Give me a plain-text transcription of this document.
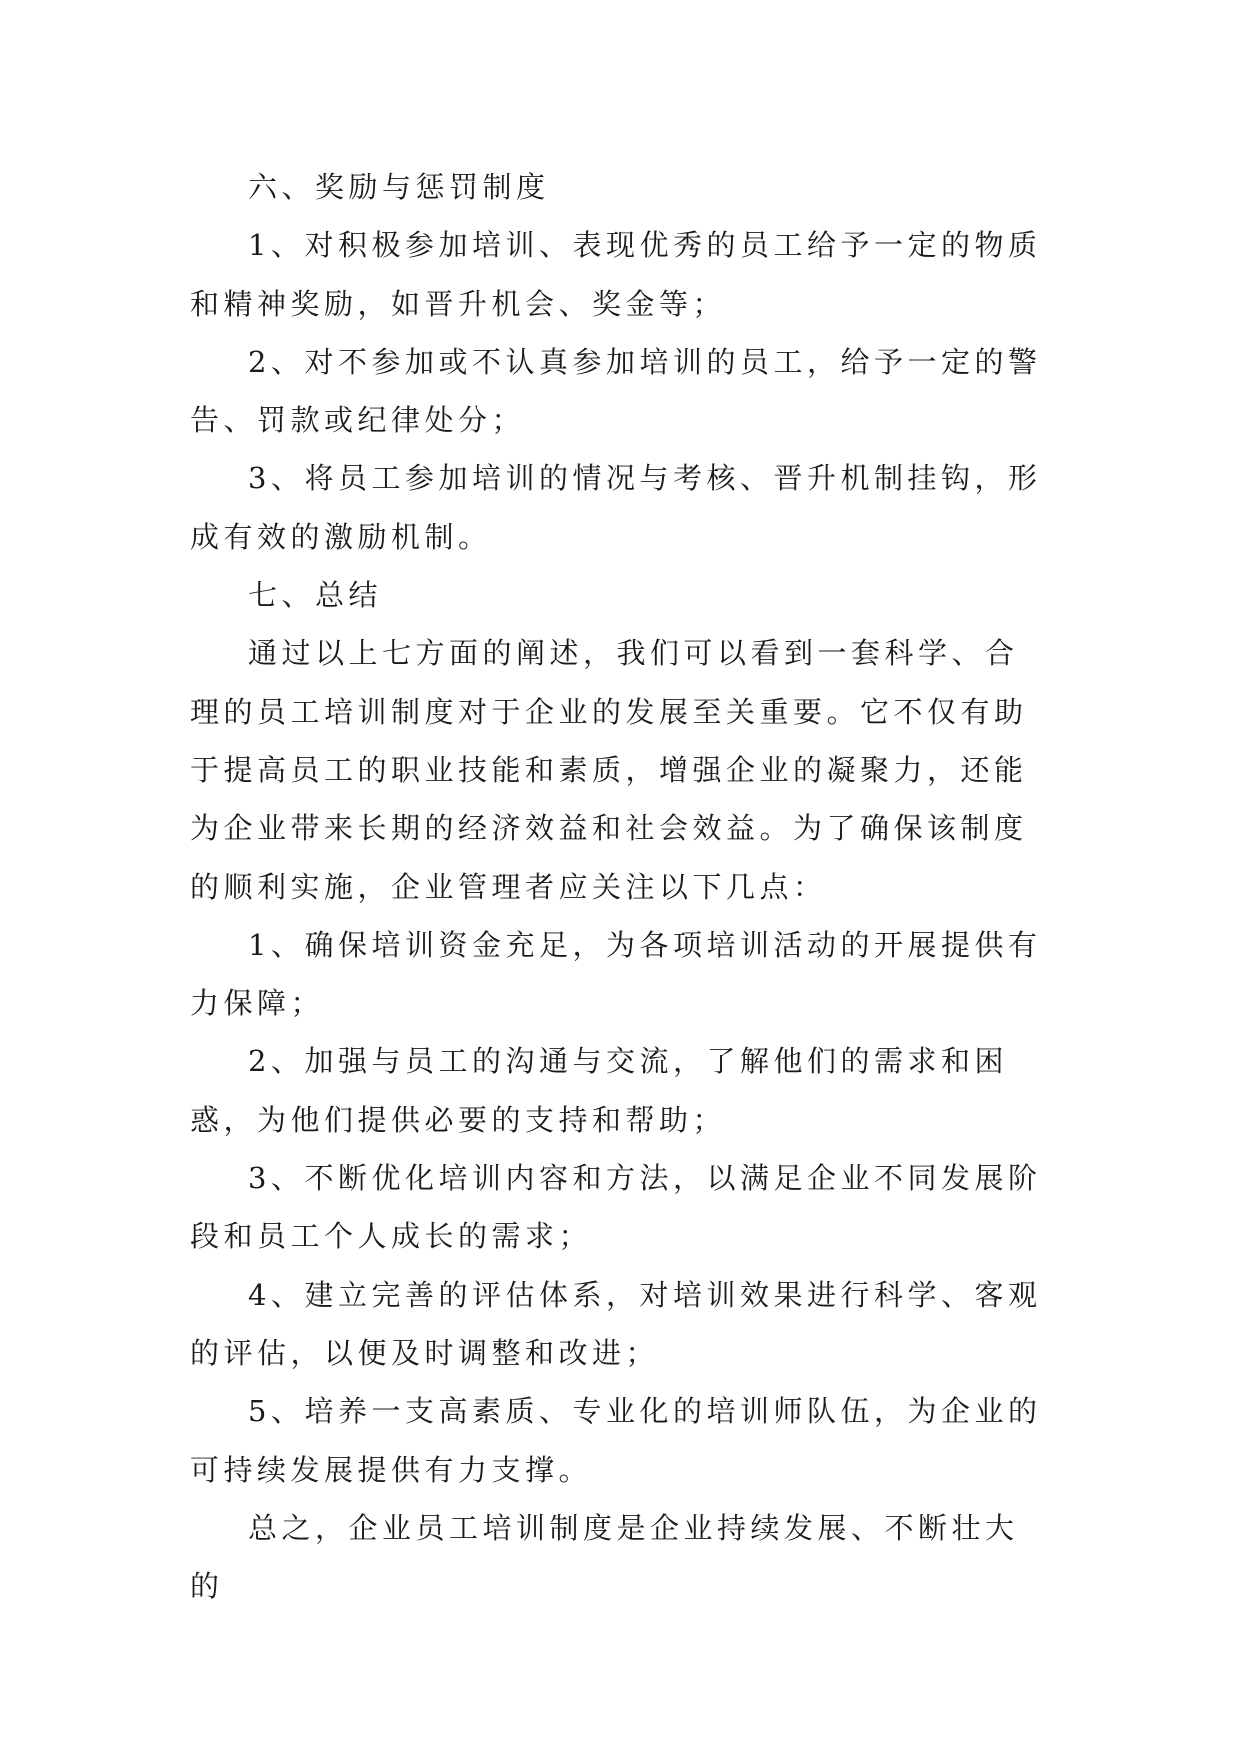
六、奖励与惩罚制度

1、对积极参加培训、表现优秀的员工给予一定的物质和精神奖励，如晋升机会、奖金等；

2、对不参加或不认真参加培训的员工，给予一定的警告、罚款或纪律处分；

3、将员工参加培训的情况与考核、晋升机制挂钩，形成有效的激励机制。

七、总结

通过以上七方面的阐述，我们可以看到一套科学、合理的员工培训制度对于企业的发展至关重要。它不仅有助于提高员工的职业技能和素质，增强企业的凝聚力，还能为企业带来长期的经济效益和社会效益。为了确保该制度的顺利实施，企业管理者应关注以下几点：

1、确保培训资金充足，为各项培训活动的开展提供有力保障；

2、加强与员工的沟通与交流，了解他们的需求和困惑，为他们提供必要的支持和帮助；

3、不断优化培训内容和方法，以满足企业不同发展阶段和员工个人成长的需求；

4、建立完善的评估体系，对培训效果进行科学、客观的评估，以便及时调整和改进；

5、培养一支高素质、专业化的培训师队伍，为企业的可持续发展提供有力支撑。

总之，企业员工培训制度是企业持续发展、不断壮大的
